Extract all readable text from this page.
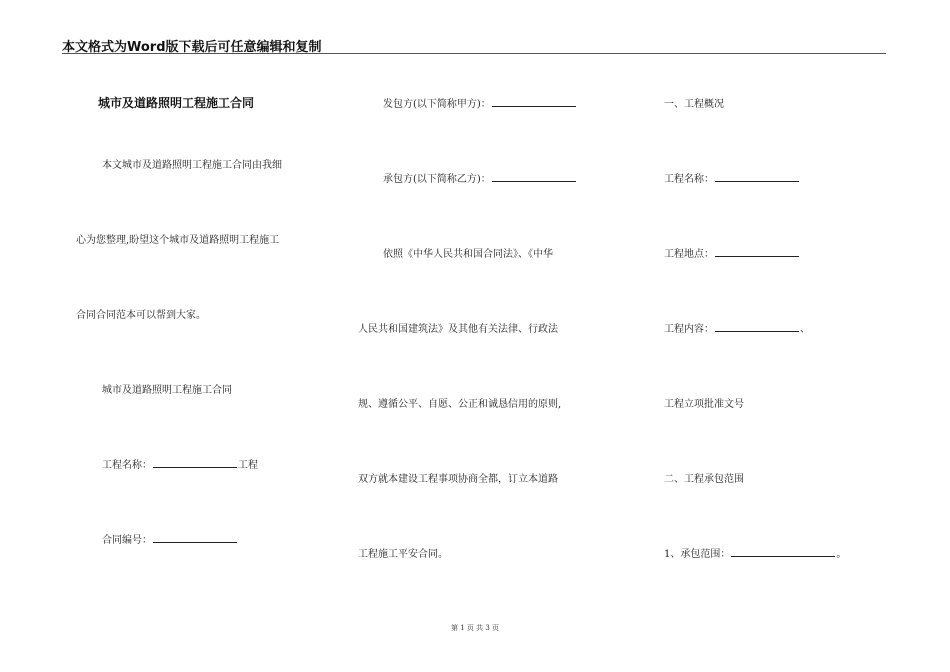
本文格式为Word版下载后可任意编辑和复制
城市及道路照明工程施工合同
本文城市及道路照明工程施工合同由我细
心为您整理,盼望这个城市及道路照明工程施工
合同合同范本可以帮到大家。
城市及道路照明工程施工合同
工程名称：	工程
合同编号：
发包方(以下简称甲方)：
承包方(以下简称乙方)：
依照《中华人民共和国合同法》、《中华
人民共和国建筑法》及其他有关法律、行政法
规、遵循公平、自愿、公正和诚恳信用的原则,
双方就本建设工程事项协商全都，订立本道路
工程施工平安合同。
一、工程概况
工程名称：
工程地点：
工程内容：	、
工程立项批准文号
二、工程承包范围
1、承包范围：	。
第 1 页 共 3 页
